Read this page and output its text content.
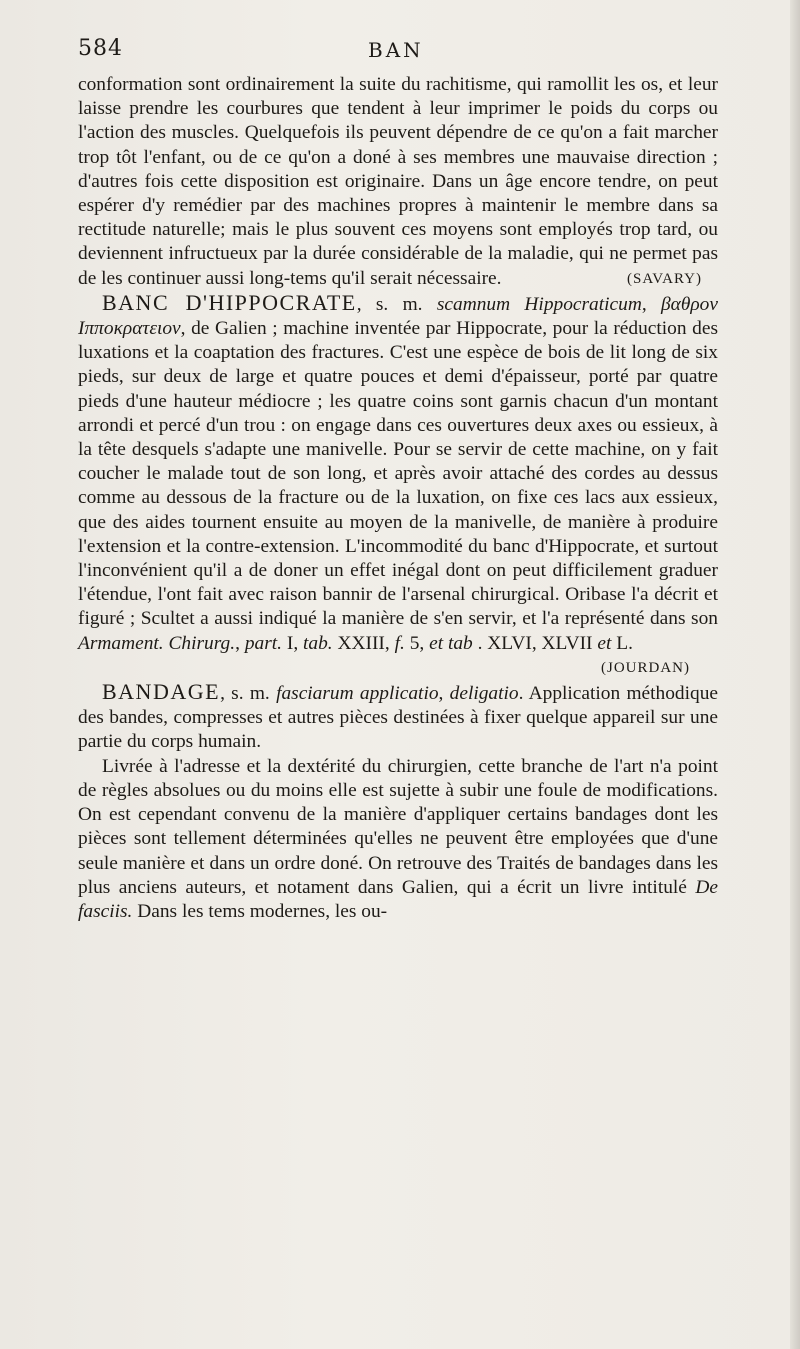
584	BAN

conformation sont ordinairement la suite du rachitisme, qui ramollit les os, et leur laisse prendre les courbures que tendent à leur imprimer le poids du corps ou l'action des muscles. Quelquefois ils peuvent dépendre de ce qu'on a fait marcher trop tôt l'enfant, ou de ce qu'on a doné à ses membres une mauvaise direction ; d'autres fois cette disposition est originaire. Dans un âge encore tendre, on peut espérer d'y remédier par des machines propres à maintenir le membre dans sa rectitude naturelle; mais le plus souvent ces moyens sont employés trop tard, ou deviennent infructueux par la durée considérable de la maladie, qui ne permet pas de les continuer aussi long-tems qu'il serait nécessaire.	(SAVARY)

BANC D'HIPPOCRATE, s. m. scamnum Hippocraticum, βαθρον Ιπποκρατειον, de Galien ; machine inventée par Hippocrate, pour la réduction des luxations et la coaptation des fractures. C'est une espèce de bois de lit long de six pieds, sur deux de large et quatre pouces et demi d'épaisseur, porté par quatre pieds d'une hauteur médiocre ; les quatre coins sont garnis chacun d'un montant arrondi et percé d'un trou : on engage dans ces ouvertures deux axes ou essieux, à la tête desquels s'adapte une manivelle. Pour se servir de cette machine, on y fait coucher le malade tout de son long, et après avoir attaché des cordes au dessus comme au dessous de la fracture ou de la luxation, on fixe ces lacs aux essieux, que des aides tournent ensuite au moyen de la manivelle, de manière à produire l'extension et la contre-extension. L'incommodité du banc d'Hippocrate, et surtout l'inconvénient qu'il a de doner un effet inégal dont on peut difficilement graduer l'étendue, l'ont fait avec raison bannir de l'arsenal chirurgical. Oribase l'a décrit et figuré ; Scultet a aussi indiqué la manière de s'en servir, et l'a représenté dans son Armament. Chirurg., part. I, tab. XXIII, f. 5, et tab . XLVI, XLVII et L.
(JOURDAN)

BANDAGE, s. m. fasciarum applicatio, deligatio. Application méthodique des bandes, compresses et autres pièces destinées à fixer quelque appareil sur une partie du corps humain.

Livrée à l'adresse et la dextérité du chirurgien, cette branche de l'art n'a point de règles absolues ou du moins elle est sujette à subir une foule de modifications. On est cependant convenu de la manière d'appliquer certains bandages dont les pièces sont tellement déterminées qu'elles ne peuvent être employées que d'une seule manière et dans un ordre doné. On retrouve des Traités de bandages dans les plus anciens auteurs, et notament dans Galien, qui a écrit un livre intitulé De fasciis. Dans les tems modernes, les ou-
